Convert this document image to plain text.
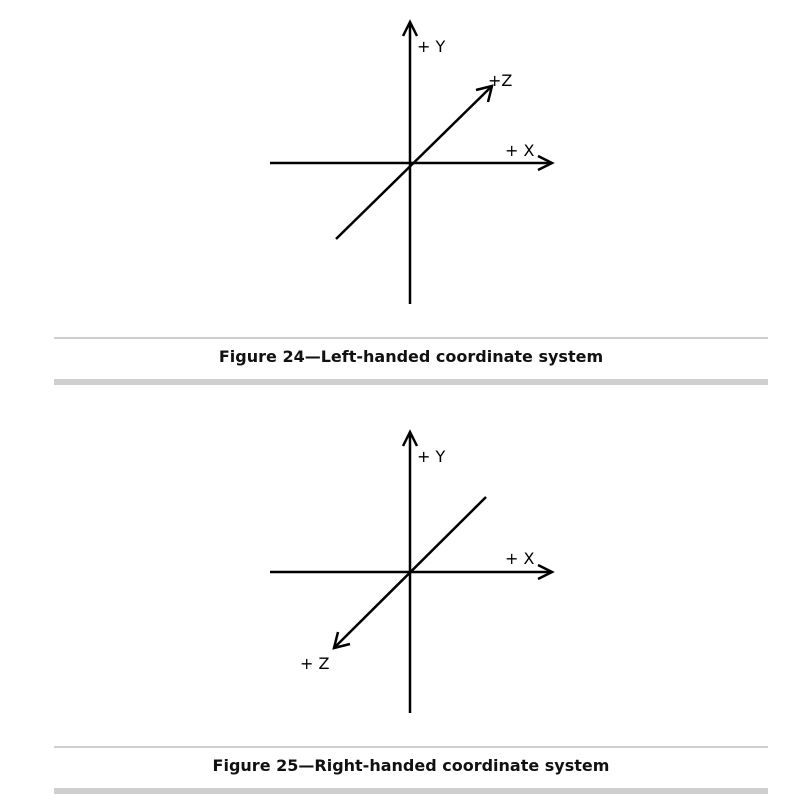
+ Y
+Z
+ X
Figure 24—Left-handed coordinate system
+ Y
+ X
+ Z
Figure 25—Right-handed coordinate system
